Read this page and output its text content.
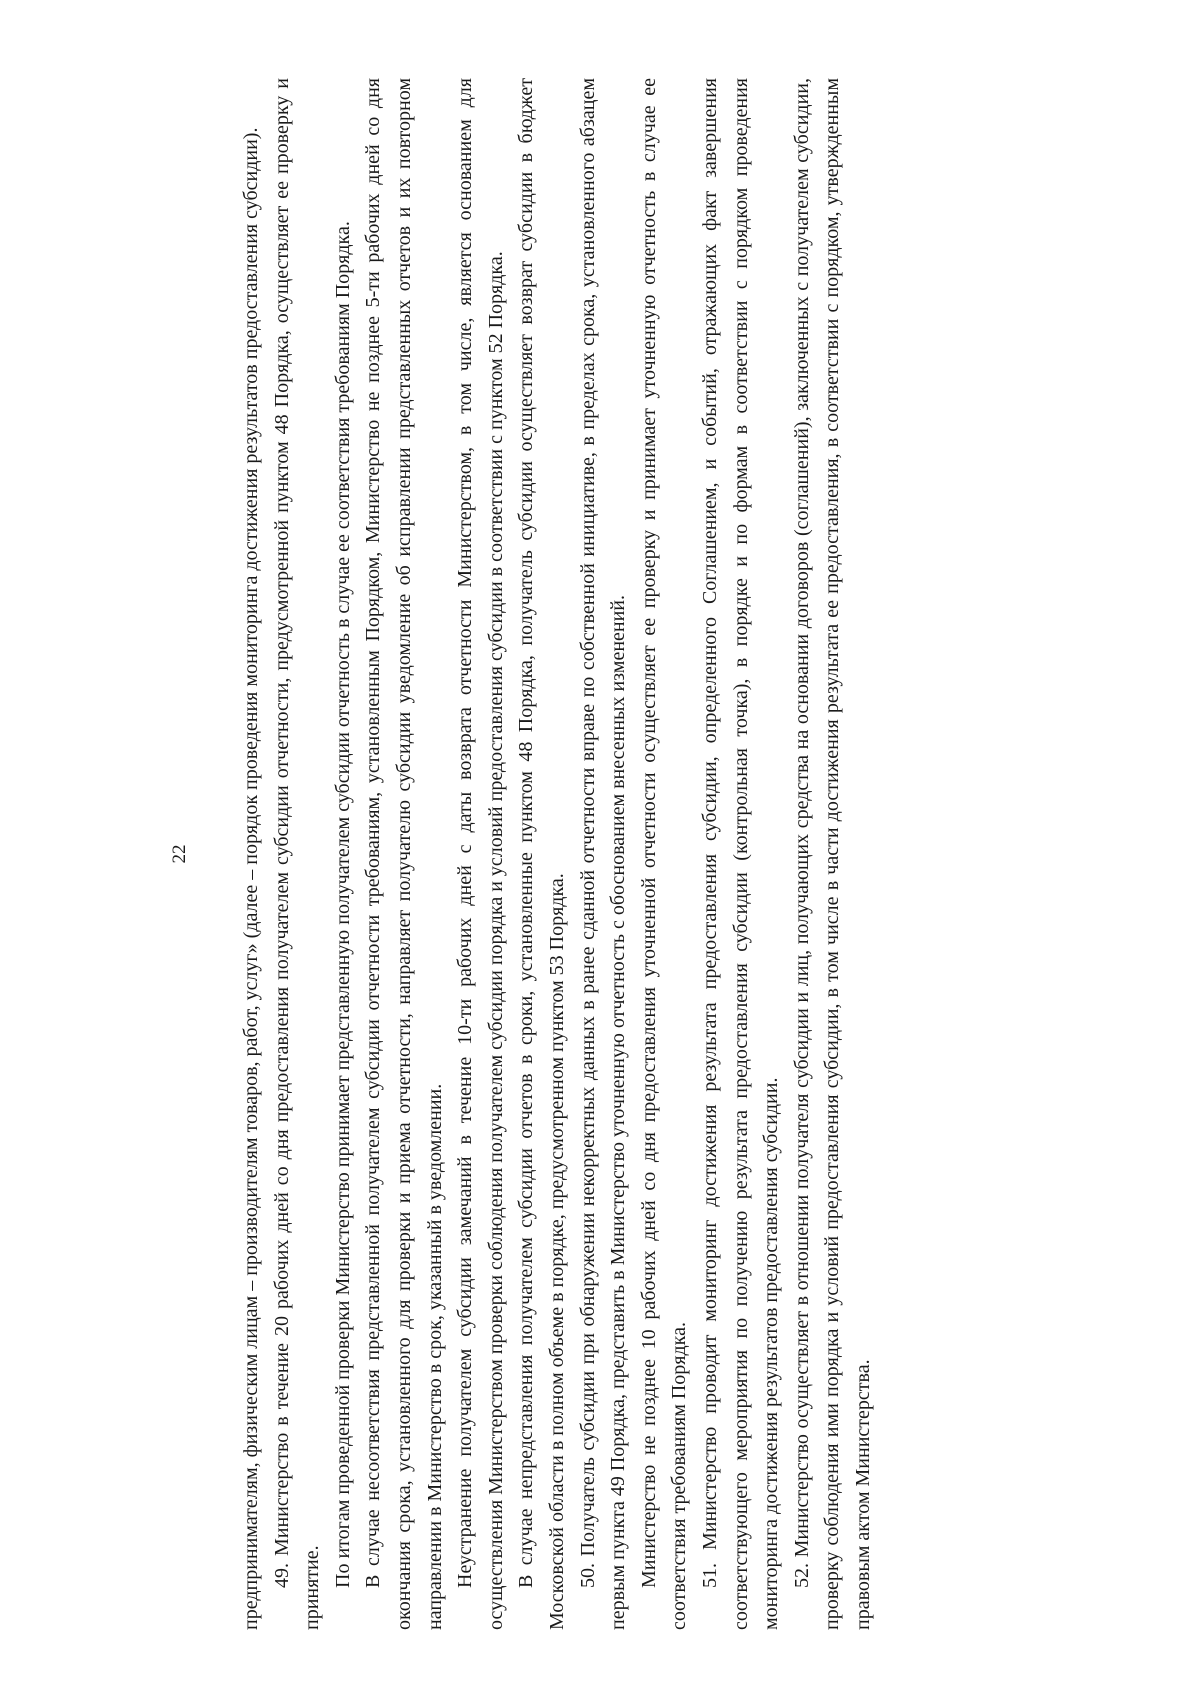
22	предпринимателям, физическим лицам – производителям товаров, работ, услуг» (далее – порядок проведения мониторинга достижения результатов предоставления субсидии). 49. Министерство в течение 20 рабочих дней со дня предоставления получателем субсидии отчетности, предусмотренной пунктом 48 Порядка, осуществляет ее проверку и принятие. По итогам проведенной проверки Министерство принимает представленную получателем субсидии отчетность в случае ее соответствия требованиям Порядка. В случае несоответствия представленной получателем субсидии отчетности требованиям, установленным Порядком, Министерство не позднее 5-ти рабочих дней со дня окончания срока, установленного для проверки и приема отчетности, направляет получателю субсидии уведомление об исправлении представленных отчетов и их повторном направлении в Министерство в срок, указанный в уведомлении. Неустранение получателем субсидии замечаний в течение 10-ти рабочих дней с даты возврата отчетности Министерством, в том числе, является основанием для осуществления Министерством проверки соблюдения получателем субсидии порядка и условий предоставления субсидии в соответствии с пунктом 52 Порядка. В случае непредставления получателем субсидии отчетов в сроки, установленные пунктом 48 Порядка, получатель субсидии осуществляет возврат субсидии в бюджет Московской области в полном объеме в порядке, предусмотренном пунктом 53 Порядка. 50. Получатель субсидии при обнаружении некорректных данных в ранее сданной отчетности вправе по собственной инициативе, в пределах срока, установленного абзацем первым пункта 49 Порядка, представить в Министерство уточненную отчетность с обоснованием внесенных изменений. Министерство не позднее 10 рабочих дней со дня предоставления уточненной отчетности осуществляет ее проверку и принимает уточненную отчетность в случае ее соответствия требованиям Порядка. 51. Министерство проводит мониторинг достижения результата предоставления субсидии, определенного Соглашением, и событий, отражающих факт завершения соответствующего мероприятия по получению результата предоставления субсидии (контрольная точка), в порядке и по формам в соответствии с порядком проведения мониторинга достижения результатов предоставления субсидии. 52. Министерство осуществляет в отношении получателя субсидии и лиц, получающих средства на основании договоров (соглашений), заключенных с получателем субсидии, проверку соблюдения ими порядка и условий предоставления субсидии, в том числе в части достижения результата ее предоставления, в соответствии с порядком, утвержденным правовым актом Министерства.
